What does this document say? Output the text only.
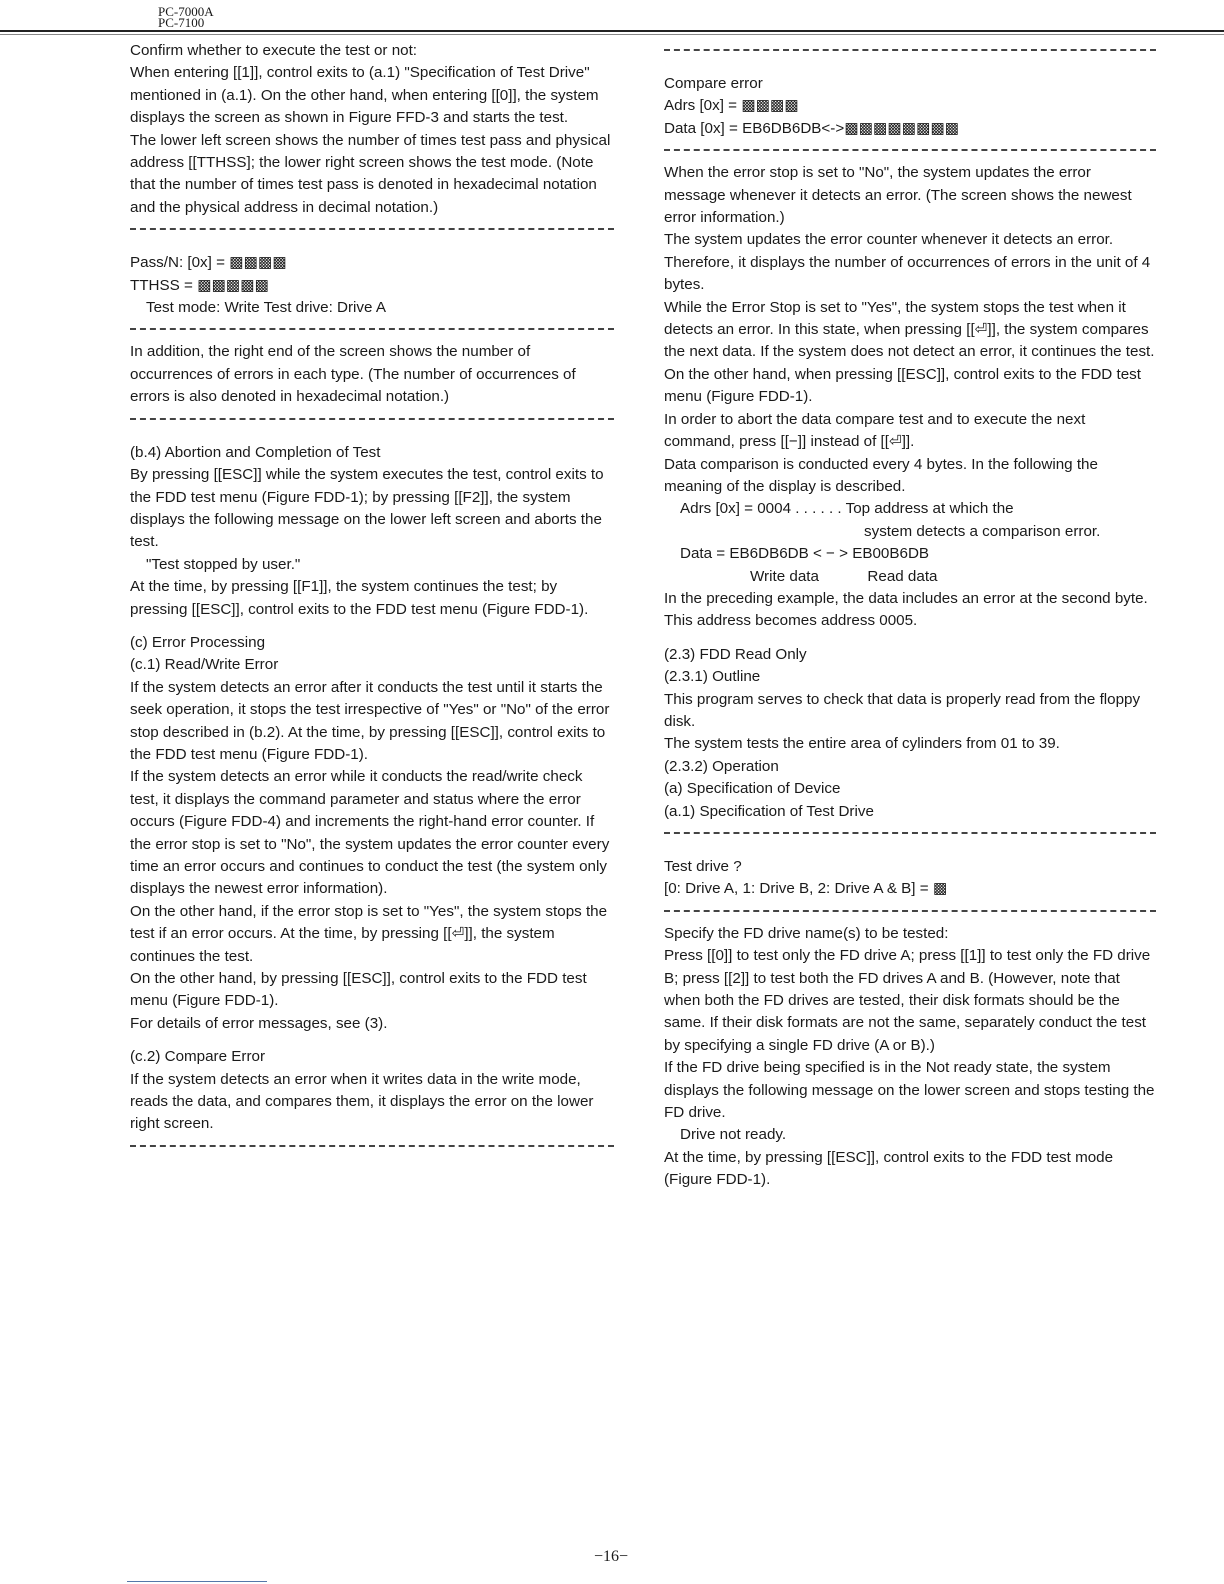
PC-7000A
PC-7100

Confirm whether to execute the test or not:

When entering [[1]], control exits to (a.1) "Specification of Test Drive" mentioned in (a.1). On the other hand, when entering [[0]], the system displays the screen as shown in Figure FFD-3 and starts the test.

The lower left screen shows the number of times test pass and physical address [[TTHSS]; the lower right screen shows the test mode. (Note that the number of times test pass is denoted in hexadecimal notation and the physical address in decimal notation.)

Pass/N: [0x] = ▩▩▩▩

TTHSS = ▩▩▩▩▩

Test mode: Write Test drive: Drive A

In addition, the right end of the screen shows the number of occurrences of errors in each type. (The number of occurrences of errors is also denoted in hexadecimal notation.)

(b.4) Abortion and Completion of Test

By pressing [[ESC]] while the system executes the test, control exits to the FDD test menu (Figure FDD-1); by pressing [[F2]], the system displays the following message on the lower left screen and aborts the test.

"Test stopped by user."

At the time, by pressing [[F1]], the system continues the test; by pressing [[ESC]], control exits to the FDD test menu (Figure FDD-1).

(c) Error Processing

(c.1) Read/Write Error

If the system detects an error after it conducts the test until it starts the seek operation, it stops the test irrespective of "Yes" or "No" of the error stop described in (b.2). At the time, by pressing [[ESC]], control exits to the FDD test menu (Figure FDD-1).

If the system detects an error while it conducts the read/write check test, it displays the command parameter and status where the error occurs (Figure FDD-4) and increments the right-hand error counter. If the error stop is set to "No", the system updates the error counter every time an error occurs and continues to conduct the test (the system only displays the newest error information).

On the other hand, if the error stop is set to "Yes", the system stops the test if an error occurs. At the time, by pressing [[⏎]], the system continues the test.

On the other hand, by pressing [[ESC]], control exits to the FDD test menu (Figure FDD-1).

For details of error messages, see (3).

(c.2) Compare Error

If the system detects an error when it writes data in the write mode, reads the data, and compares them, it displays the error on the lower right screen.

Compare error

Adrs [0x] = ▩▩▩▩

Data [0x] = EB6DB6DB<->▩▩▩▩▩▩▩▩

When the error stop is set to "No", the system updates the error message whenever it detects an error. (The screen shows the newest error information.)

The system updates the error counter whenever it detects an error. Therefore, it displays the number of occurrences of errors in the unit of 4 bytes.

While the Error Stop is set to "Yes", the system stops the test when it detects an error. In this state, when pressing [[⏎]], the system compares the next data. If the system does not detect an error, it continues the test. On the other hand, when pressing [[ESC]], control exits to the FDD test menu (Figure FDD-1).

In order to abort the data compare test and to execute the next command, press [[−]] instead of [[⏎]].

Data comparison is conducted every 4 bytes. In the following the meaning of the display is described.

Adrs [0x] = 0004 . . . . . . Top address at which the

system detects a comparison error.

Data = EB6DB6DB < − > EB00B6DB

Write data	Read data

In the preceding example, the data includes an error at the second byte. This address becomes address 0005.

(2.3) FDD Read Only

(2.3.1) Outline

This program serves to check that data is properly read from the floppy disk.

The system tests the entire area of cylinders from 01 to 39.

(2.3.2) Operation

(a) Specification of Device

(a.1) Specification of Test Drive

Test drive ?

[0: Drive A, 1: Drive B, 2: Drive A & B] = ▩

Specify the FD drive name(s) to be tested:

Press [[0]] to test only the FD drive A; press [[1]] to test only the FD drive B; press [[2]] to test both the FD drives A and B. (However, note that when both the FD drives are tested, their disk formats should be the same. If their disk formats are not the same, separately conduct the test by specifying a single FD drive (A or B).)

If the FD drive being specified is in the Not ready state, the system displays the following message on the lower screen and stops testing the FD drive.

Drive not ready.

At the time, by pressing [[ESC]], control exits to the FDD test mode (Figure FDD-1).

−16−
